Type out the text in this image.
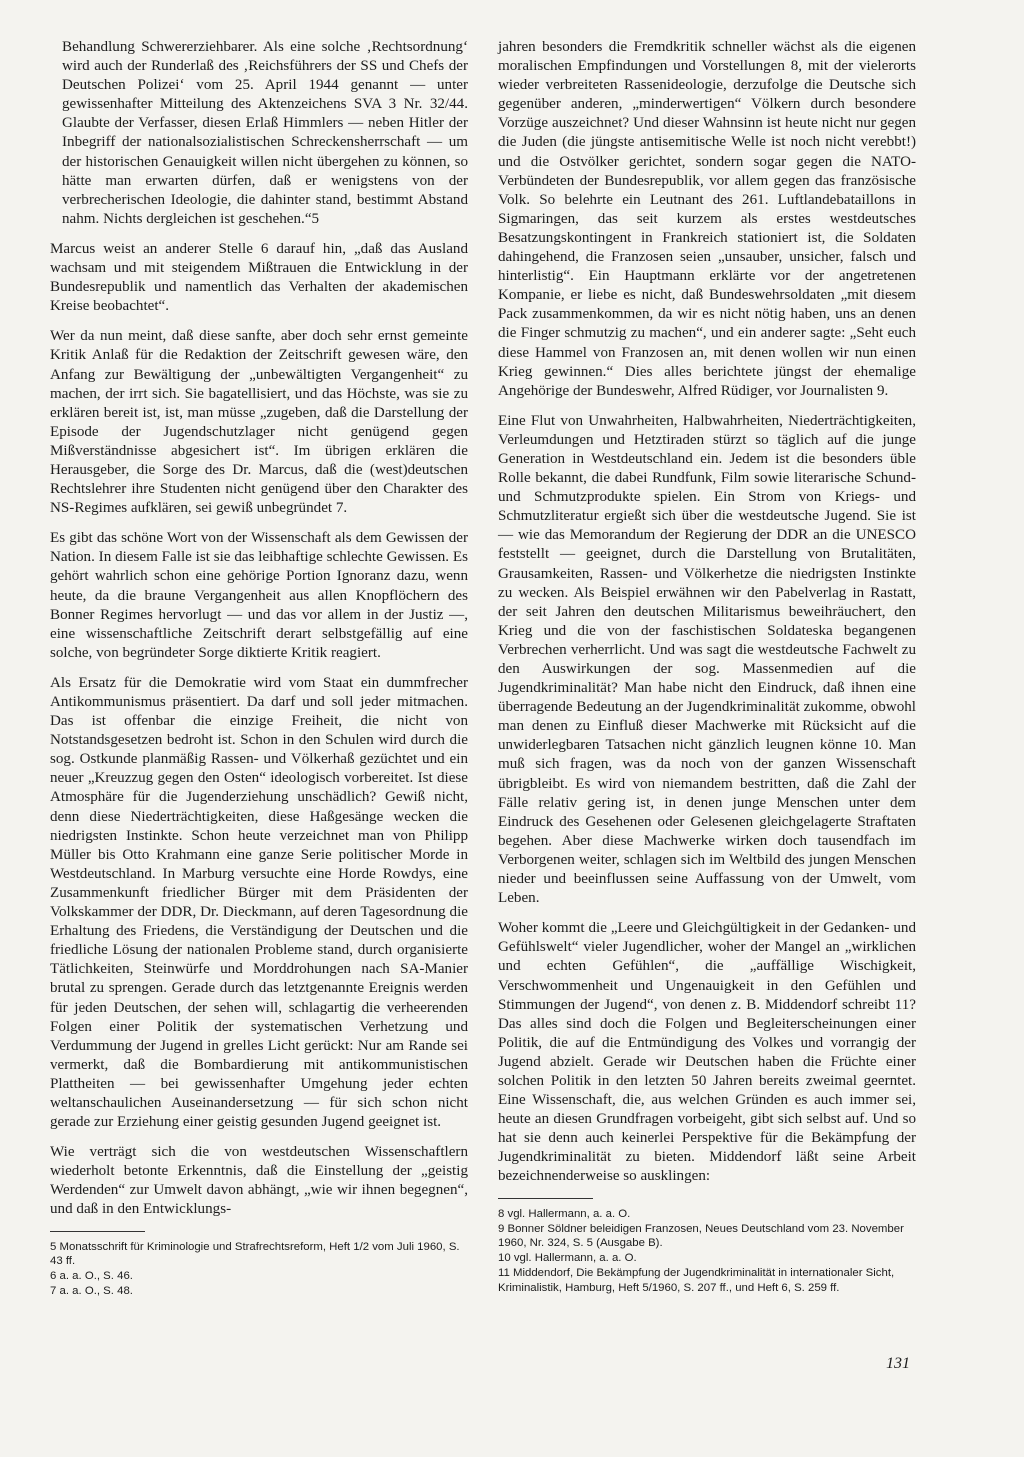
Behandlung Schwererziehbarer. Als eine solche ‚Rechtsordnung‘ wird auch der Runderlaß des ‚Reichsführers der SS und Chefs der Deutschen Polizei‘ vom 25. April 1944 genannt — unter gewissenhafter Mitteilung des Aktenzeichens SVA 3 Nr. 32/44. Glaubte der Verfasser, diesen Erlaß Himmlers — neben Hitler der Inbegriff der nationalsozialistischen Schreckensherrschaft — um der historischen Genauigkeit willen nicht übergehen zu können, so hätte man erwarten dürfen, daß er wenigstens von der verbrecherischen Ideologie, die dahinter stand, bestimmt Abstand nahm. Nichts dergleichen ist geschehen.“5

Marcus weist an anderer Stelle 6 darauf hin, „daß das Ausland wachsam und mit steigendem Mißtrauen die Entwicklung in der Bundesrepublik und namentlich das Verhalten der akademischen Kreise beobachtet“.

Wer da nun meint, daß diese sanfte, aber doch sehr ernst gemeinte Kritik Anlaß für die Redaktion der Zeitschrift gewesen wäre, den Anfang zur Bewältigung der „unbewältigten Vergangenheit“ zu machen, der irrt sich. Sie bagatellisiert, und das Höchste, was sie zu erklären bereit ist, ist, man müsse „zugeben, daß die Darstellung der Episode der Jugendschutzlager nicht genügend gegen Mißverständnisse abgesichert ist“. Im übrigen erklären die Herausgeber, die Sorge des Dr. Marcus, daß die (west)deutschen Rechtslehrer ihre Studenten nicht genügend über den Charakter des NS-Regimes aufklären, sei gewiß unbegründet 7.

Es gibt das schöne Wort von der Wissenschaft als dem Gewissen der Nation. In diesem Falle ist sie das leibhaftige schlechte Gewissen. Es gehört wahrlich schon eine gehörige Portion Ignoranz dazu, wenn heute, da die braune Vergangenheit aus allen Knopflöchern des Bonner Regimes hervorlugt — und das vor allem in der Justiz —, eine wissenschaftliche Zeitschrift derart selbstgefällig auf eine solche, von begründeter Sorge diktierte Kritik reagiert.

Als Ersatz für die Demokratie wird vom Staat ein dummfrecher Antikommunismus präsentiert. Da darf und soll jeder mitmachen. Das ist offenbar die einzige Freiheit, die nicht von Notstandsgesetzen bedroht ist. Schon in den Schulen wird durch die sog. Ostkunde planmäßig Rassen- und Völkerhaß gezüchtet und ein neuer „Kreuzzug gegen den Osten“ ideologisch vorbereitet. Ist diese Atmosphäre für die Jugenderziehung unschädlich? Gewiß nicht, denn diese Niederträchtigkeiten, diese Haßgesänge wecken die niedrigsten Instinkte. Schon heute verzeichnet man von Philipp Müller bis Otto Krahmann eine ganze Serie politischer Morde in Westdeutschland. In Marburg versuchte eine Horde Rowdys, eine Zusammenkunft friedlicher Bürger mit dem Präsidenten der Volkskammer der DDR, Dr. Dieckmann, auf deren Tagesordnung die Erhaltung des Friedens, die Verständigung der Deutschen und die friedliche Lösung der nationalen Probleme stand, durch organisierte Tätlichkeiten, Steinwürfe und Morddrohungen nach SA-Manier brutal zu sprengen. Gerade durch das letztgenannte Ereignis werden für jeden Deutschen, der sehen will, schlagartig die verheerenden Folgen einer Politik der systematischen Verhetzung und Verdummung der Jugend in grelles Licht gerückt: Nur am Rande sei vermerkt, daß die Bombardierung mit antikommunistischen Plattheiten — bei gewissenhafter Umgehung jeder echten weltanschaulichen Auseinandersetzung — für sich schon nicht gerade zur Erziehung einer geistig gesunden Jugend geeignet ist.

Wie verträgt sich die von westdeutschen Wissenschaftlern wiederholt betonte Erkenntnis, daß die Einstellung der „geistig Werdenden“ zur Umwelt davon abhängt, „wie wir ihnen begegnen“, und daß in den Entwicklungs-

5 Monatsschrift für Kriminologie und Strafrechtsreform, Heft 1/2 vom Juli 1960, S. 43 ff.
6 a. a. O., S. 46.
7 a. a. O., S. 48.

jahren besonders die Fremdkritik schneller wächst als die eigenen moralischen Empfindungen und Vorstellungen 8, mit der vielerorts wieder verbreiteten Rassenideologie, derzufolge die Deutsche sich gegenüber anderen, „minderwertigen“ Völkern durch besondere Vorzüge auszeichnet? Und dieser Wahnsinn ist heute nicht nur gegen die Juden (die jüngste antisemitische Welle ist noch nicht verebbt!) und die Ostvölker gerichtet, sondern sogar gegen die NATO-Verbündeten der Bundesrepublik, vor allem gegen das französische Volk. So belehrte ein Leutnant des 261. Luftlandebataillons in Sigmaringen, das seit kurzem als erstes westdeutsches Besatzungskontingent in Frankreich stationiert ist, die Soldaten dahingehend, die Franzosen seien „unsauber, unsicher, falsch und hinterlistig“. Ein Hauptmann erklärte vor der angetretenen Kompanie, er liebe es nicht, daß Bundeswehrsoldaten „mit diesem Pack zusammenkommen, da wir es nicht nötig haben, uns an denen die Finger schmutzig zu machen“, und ein anderer sagte: „Seht euch diese Hammel von Franzosen an, mit denen wollen wir nun einen Krieg gewinnen.“ Dies alles berichtete jüngst der ehemalige Angehörige der Bundeswehr, Alfred Rüdiger, vor Journalisten 9.

Eine Flut von Unwahrheiten, Halbwahrheiten, Niederträchtigkeiten, Verleumdungen und Hetztiraden stürzt so täglich auf die junge Generation in Westdeutschland ein. Jedem ist die besonders üble Rolle bekannt, die dabei Rundfunk, Film sowie literarische Schund- und Schmutzprodukte spielen. Ein Strom von Kriegs- und Schmutzliteratur ergießt sich über die westdeutsche Jugend. Sie ist — wie das Memorandum der Regierung der DDR an die UNESCO feststellt — geeignet, durch die Darstellung von Brutalitäten, Grausamkeiten, Rassen- und Völkerhetze die niedrigsten Instinkte zu wecken. Als Beispiel erwähnen wir den Pabelverlag in Rastatt, der seit Jahren den deutschen Militarismus beweihräuchert, den Krieg und die von der faschistischen Soldateska begangenen Verbrechen verherrlicht. Und was sagt die westdeutsche Fachwelt zu den Auswirkungen der sog. Massenmedien auf die Jugendkriminalität? Man habe nicht den Eindruck, daß ihnen eine überragende Bedeutung an der Jugendkriminalität zukomme, obwohl man denen zu Einfluß dieser Machwerke mit Rücksicht auf die unwiderlegbaren Tatsachen nicht gänzlich leugnen könne 10. Man muß sich fragen, was da noch von der ganzen Wissenschaft übrigbleibt. Es wird von niemandem bestritten, daß die Zahl der Fälle relativ gering ist, in denen junge Menschen unter dem Eindruck des Gesehenen oder Gelesenen gleichgelagerte Straftaten begehen. Aber diese Machwerke wirken doch tausendfach im Verborgenen weiter, schlagen sich im Weltbild des jungen Menschen nieder und beeinflussen seine Auffassung von der Umwelt, vom Leben.

Woher kommt die „Leere und Gleichgültigkeit in der Gedanken- und Gefühlswelt“ vieler Jugendlicher, woher der Mangel an „wirklichen und echten Gefühlen“, die „auffällige Wischigkeit, Verschwommenheit und Ungenauigkeit in den Gefühlen und Stimmungen der Jugend“, von denen z. B. Middendorf schreibt 11? Das alles sind doch die Folgen und Begleiterscheinungen einer Politik, die auf die Entmündigung des Volkes und vorrangig der Jugend abzielt. Gerade wir Deutschen haben die Früchte einer solchen Politik in den letzten 50 Jahren bereits zweimal geerntet. Eine Wissenschaft, die, aus welchen Gründen es auch immer sei, heute an diesen Grundfragen vorbeigeht, gibt sich selbst auf. Und so hat sie denn auch keinerlei Perspektive für die Bekämpfung der Jugendkriminalität zu bieten. Middendorf läßt seine Arbeit bezeichnenderweise so ausklingen:

8 vgl. Hallermann, a. a. O.
9 Bonner Söldner beleidigen Franzosen, Neues Deutschland vom 23. November 1960, Nr. 324, S. 5 (Ausgabe B).
10 vgl. Hallermann, a. a. O.
11 Middendorf, Die Bekämpfung der Jugendkriminalität in internationaler Sicht, Kriminalistik, Hamburg, Heft 5/1960, S. 207 ff., und Heft 6, S. 259 ff.
131
